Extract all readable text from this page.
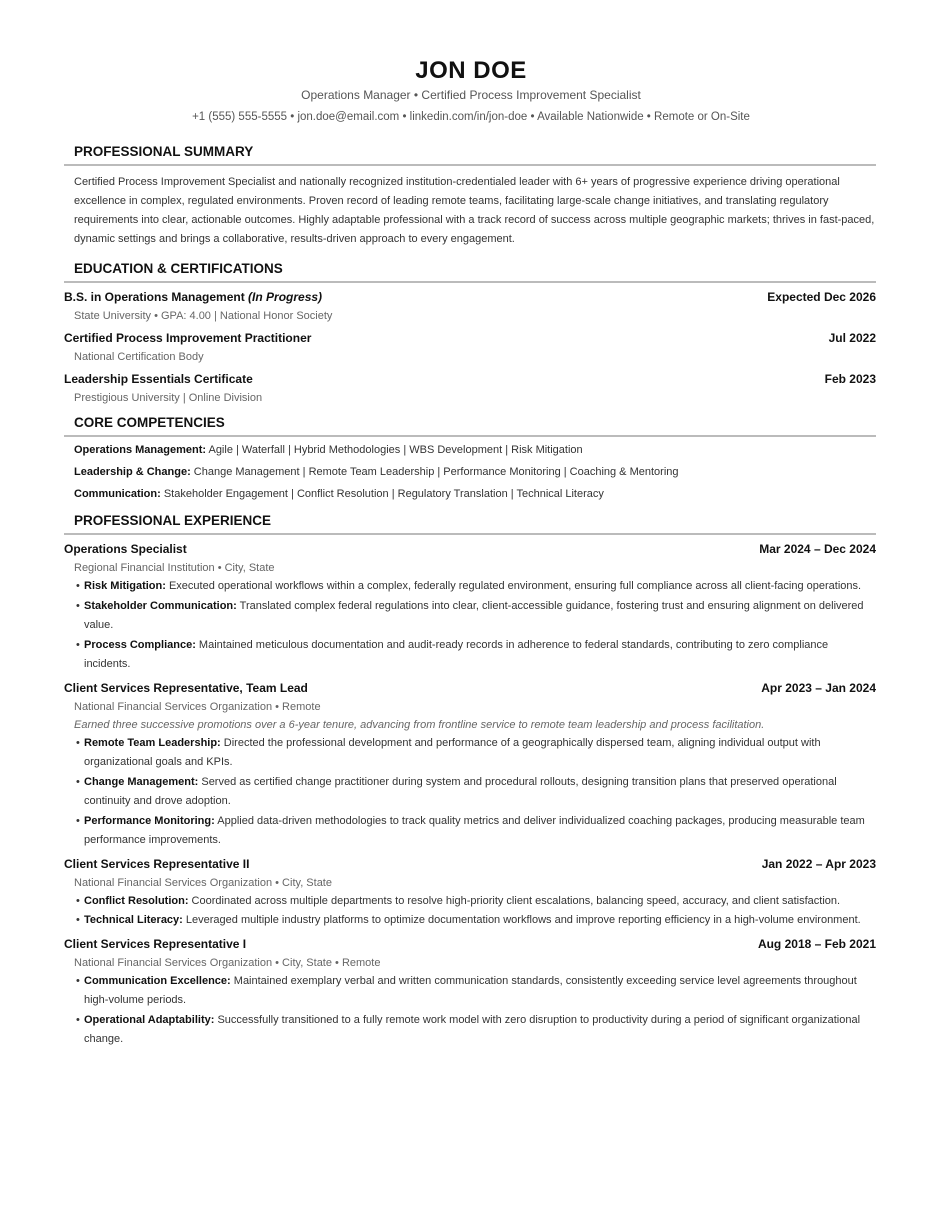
JON DOE
Operations Manager • Certified Process Improvement Specialist
+1 (555) 555-5555 • jon.doe@email.com • linkedin.com/in/jon-doe • Available Nationwide • Remote or On-Site
PROFESSIONAL SUMMARY
Certified Process Improvement Specialist and nationally recognized institution-credentialed leader with 6+ years of progressive experience driving operational excellence in complex, regulated environments. Proven record of leading remote teams, facilitating large-scale change initiatives, and translating regulatory requirements into clear, actionable outcomes. Highly adaptable professional with a track record of success across multiple geographic markets; thrives in fast-paced, dynamic settings and brings a collaborative, results-driven approach to every engagement.
EDUCATION & CERTIFICATIONS
B.S. in Operations Management (In Progress)	Expected Dec 2026
State University • GPA: 4.00 | National Honor Society
Certified Process Improvement Practitioner	Jul 2022
National Certification Body
Leadership Essentials Certificate	Feb 2023
Prestigious University | Online Division
CORE COMPETENCIES
Operations Management: Agile | Waterfall | Hybrid Methodologies | WBS Development | Risk Mitigation
Leadership & Change: Change Management | Remote Team Leadership | Performance Monitoring | Coaching & Mentoring
Communication: Stakeholder Engagement | Conflict Resolution | Regulatory Translation | Technical Literacy
PROFESSIONAL EXPERIENCE
Operations Specialist	Mar 2024 – Dec 2024
Regional Financial Institution • City, State
• Risk Mitigation: Executed operational workflows within a complex, federally regulated environment, ensuring full compliance across all client-facing operations.
• Stakeholder Communication: Translated complex federal regulations into clear, client-accessible guidance, fostering trust and ensuring alignment on delivered value.
• Process Compliance: Maintained meticulous documentation and audit-ready records in adherence to federal standards, contributing to zero compliance incidents.
Client Services Representative, Team Lead	Apr 2023 – Jan 2024
National Financial Services Organization • Remote
Earned three successive promotions over a 6-year tenure, advancing from frontline service to remote team leadership and process facilitation.
• Remote Team Leadership: Directed the professional development and performance of a geographically dispersed team, aligning individual output with organizational goals and KPIs.
• Change Management: Served as certified change practitioner during system and procedural rollouts, designing transition plans that preserved operational continuity and drove adoption.
• Performance Monitoring: Applied data-driven methodologies to track quality metrics and deliver individualized coaching packages, producing measurable team performance improvements.
Client Services Representative II	Jan 2022 – Apr 2023
National Financial Services Organization • City, State
• Conflict Resolution: Coordinated across multiple departments to resolve high-priority client escalations, balancing speed, accuracy, and client satisfaction.
• Technical Literacy: Leveraged multiple industry platforms to optimize documentation workflows and improve reporting efficiency in a high-volume environment.
Client Services Representative I	Aug 2018 – Feb 2021
National Financial Services Organization • City, State • Remote
• Communication Excellence: Maintained exemplary verbal and written communication standards, consistently exceeding service level agreements throughout high-volume periods.
• Operational Adaptability: Successfully transitioned to a fully remote work model with zero disruption to productivity during a period of significant organizational change.
